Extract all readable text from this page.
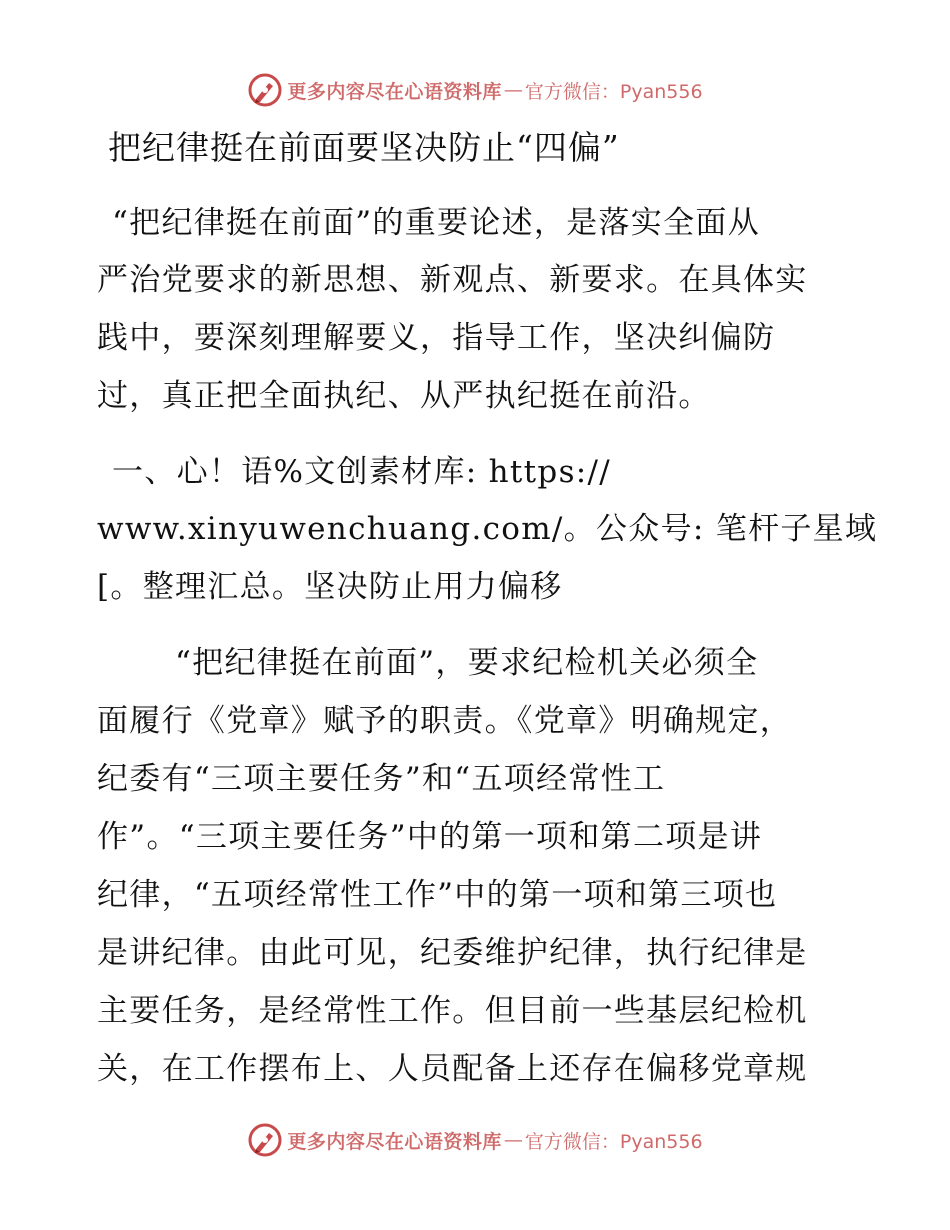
更多内容尽在心语资料库 — 官方微信：Pyan556
把纪律挺在前面要坚决防止“四偏”
“把纪律挺在前面”的重要论述，是落实全面从
严治党要求的新思想、新观点、新要求。在具体实
践中，要深刻理解要义，指导工作，坚决纠偏防
过，真正把全面执纪、从严执纪挺在前沿。
一、心！语%文创素材库: https://
www.xinyuwenchuang.com/。公众号: 笔杆子星域
[。整理汇总。坚决防止用力偏移
“把纪律挺在前面”，要求纪检机关必须全
面履行《党章》赋予的职责。《党章》明确规定，
纪委有“三项主要任务”和“五项经常性工
作”。“三项主要任务”中的第一项和第二项是讲
纪律，“五项经常性工作”中的第一项和第三项也
是讲纪律。由此可见，纪委维护纪律，执行纪律是
主要任务，是经常性工作。但目前一些基层纪检机
关，在工作摆布上、人员配备上还存在偏移党章规
更多内容尽在心语资料库 — 官方微信：Pyan556
